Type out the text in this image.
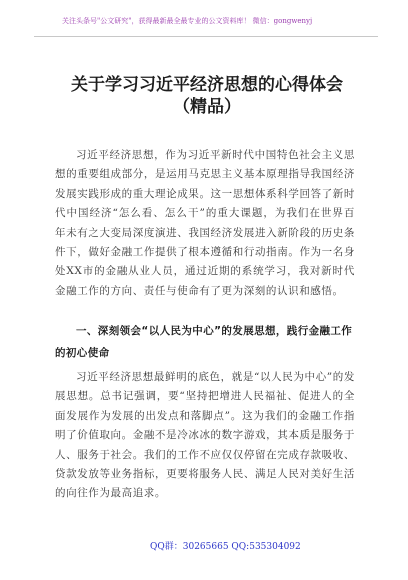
关注头条号"公文研究"，获得最新最全最专业的公文资料库！ 微信：gongwenyj
关于学习习近平经济思想的心得体会
（精品）
习近平经济思想，作为习近平新时代中国特色社会主义思想的重要组成部分，是运用马克思主义基本原理指导我国经济发展实践形成的重大理论成果。这一思想体系科学回答了新时代中国经济“怎么看、怎么干”的重大课题，为我们在世界百年未有之大变局深度演进、我国经济发展进入新阶段的历史条件下，做好金融工作提供了根本遵循和行动指南。作为一名身处XX市的金融从业人员，通过近期的系统学习，我对新时代金融工作的方向、责任与使命有了更为深刻的认识和感悟。
一、深刻领会“以人民为中心”的发展思想，践行金融工作的初心使命
习近平经济思想最鲜明的底色，就是“以人民为中心”的发展思想。总书记强调，要“坚持把增进人民福祉、促进人的全面发展作为发展的出发点和落脚点”。这为我们的金融工作指明了价值取向。金融不是冷冰冰的数字游戏，其本质是服务于人、服务于社会。我们的工作不应仅仅停留在完成存款吸收、贷款发放等业务指标，更要将服务人民、满足人民对美好生活的向往作为最高追求。
QQ群：30265665 QQ:535304092
